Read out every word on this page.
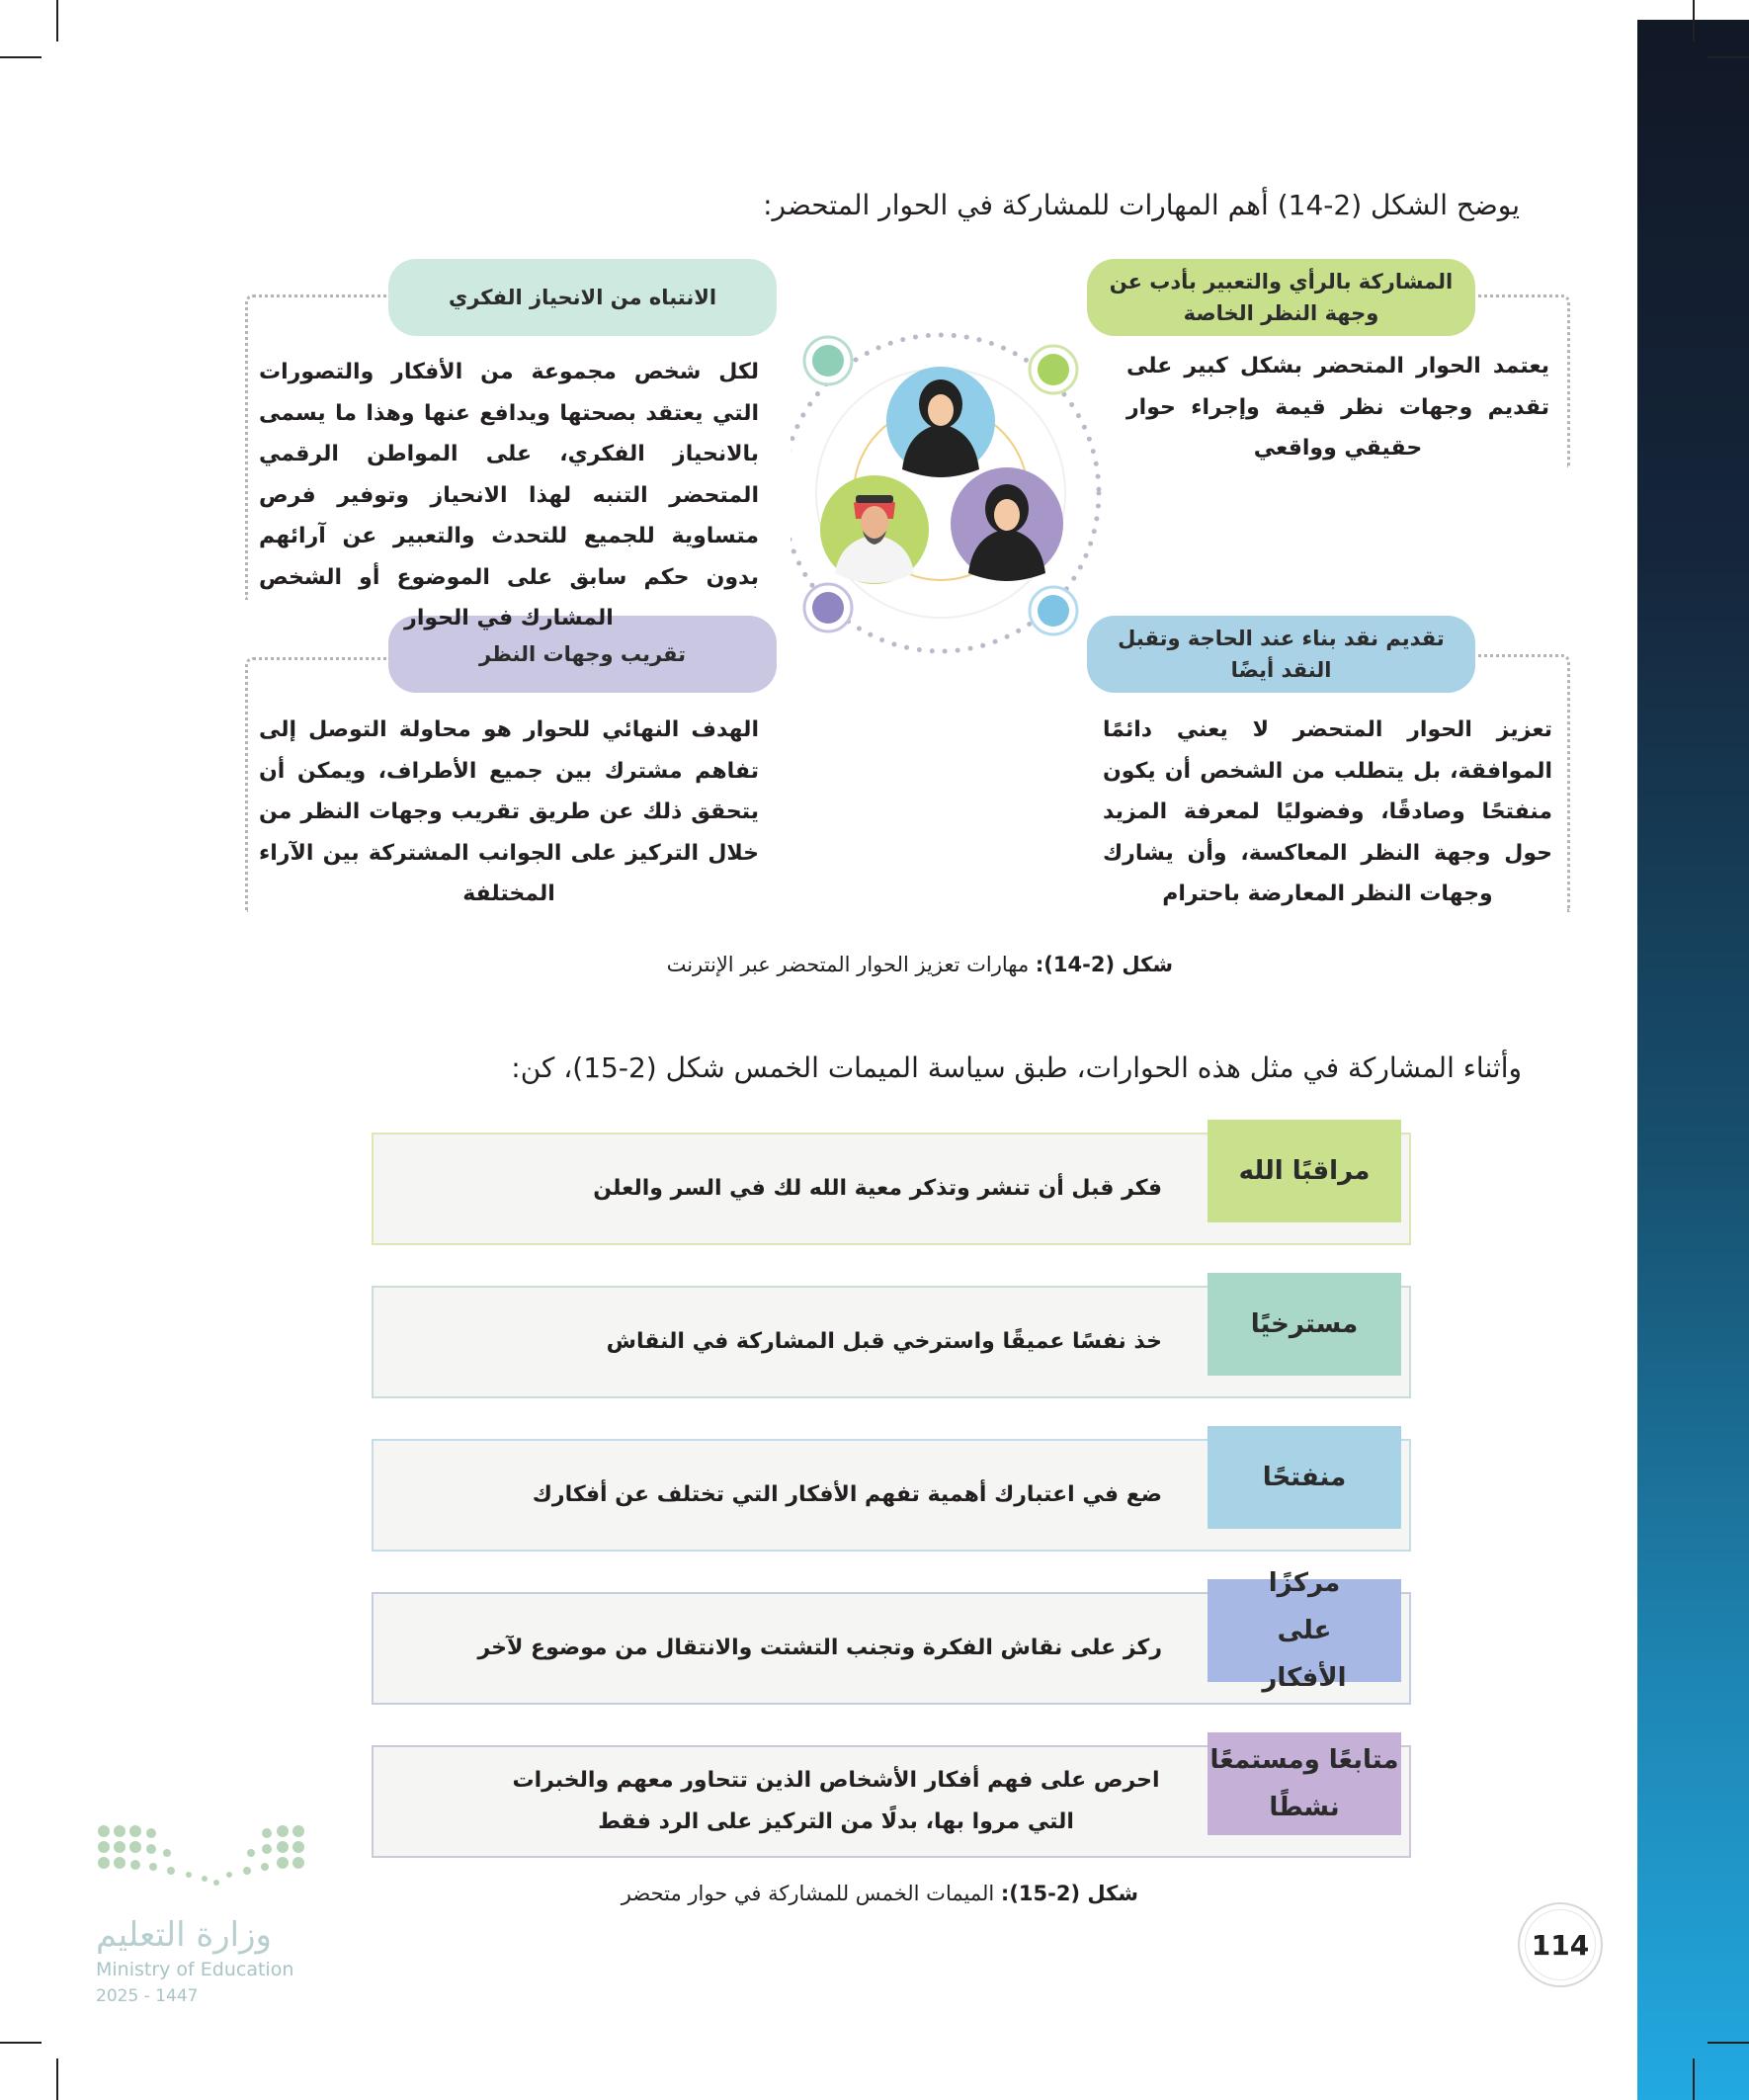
يوضح الشكل (2-14) أهم المهارات للمشاركة في الحوار المتحضر:
المشاركة بالرأي والتعبير بأدب عن وجهة النظر الخاصة
الانتباه من الانحياز الفكري
تقديم نقد بناء عند الحاجة وتقبل النقد أيضًا
تقريب وجهات النظر
يعتمد الحوار المتحضر بشكل كبير على تقديم وجهات نظر قيمة وإجراء حوار حقيقي وواقعي
لكل شخص مجموعة من الأفكار والتصورات التي يعتقد بصحتها ويدافع عنها وهذا ما يسمى بالانحياز الفكري، على المواطن الرقمي المتحضر التنبه لهذا الانحياز وتوفير فرص متساوية للجميع للتحدث والتعبير عن آرائهم بدون حكم سابق على الموضوع أو الشخص المشارك في الحوار
تعزيز الحوار المتحضر لا يعني دائمًا الموافقة، بل يتطلب من الشخص أن يكون منفتحًا وصادقًا، وفضوليًا لمعرفة المزيد حول وجهة النظر المعاكسة، وأن يشارك وجهات النظر المعارضة باحترام
الهدف النهائي للحوار هو محاولة التوصل إلى تفاهم مشترك بين جميع الأطراف، ويمكن أن يتحقق ذلك عن طريق تقريب وجهات النظر من خلال التركيز على الجوانب المشتركة بين الآراء المختلفة
شكل (2-14): مهارات تعزيز الحوار المتحضر عبر الإنترنت
وأثناء المشاركة في مثل هذه الحوارات، طبق سياسة الميمات الخمس شكل (2-15)، كن:
فكر قبل أن تنشر وتذكر معية الله لك في السر والعلن
مراقبًا الله
خذ نفسًا عميقًا واسترخي قبل المشاركة في النقاش
مسترخيًا
ضع في اعتبارك أهمية تفهم الأفكار التي تختلف عن أفكارك
منفتحًا
ركز على نقاش الفكرة وتجنب التشتت والانتقال من موضوع لآخر
مركزًا على الأفكار
احرص على فهم أفكار الأشخاص الذين تتحاور معهم والخبرات التي مروا بها، بدلًا من التركيز على الرد فقط
متابعًا ومستمعًا نشطًا
شكل (2-15): الميمات الخمس للمشاركة في حوار متحضر
وزارة التعليم
Ministry of Education
2025 - 1447
114
